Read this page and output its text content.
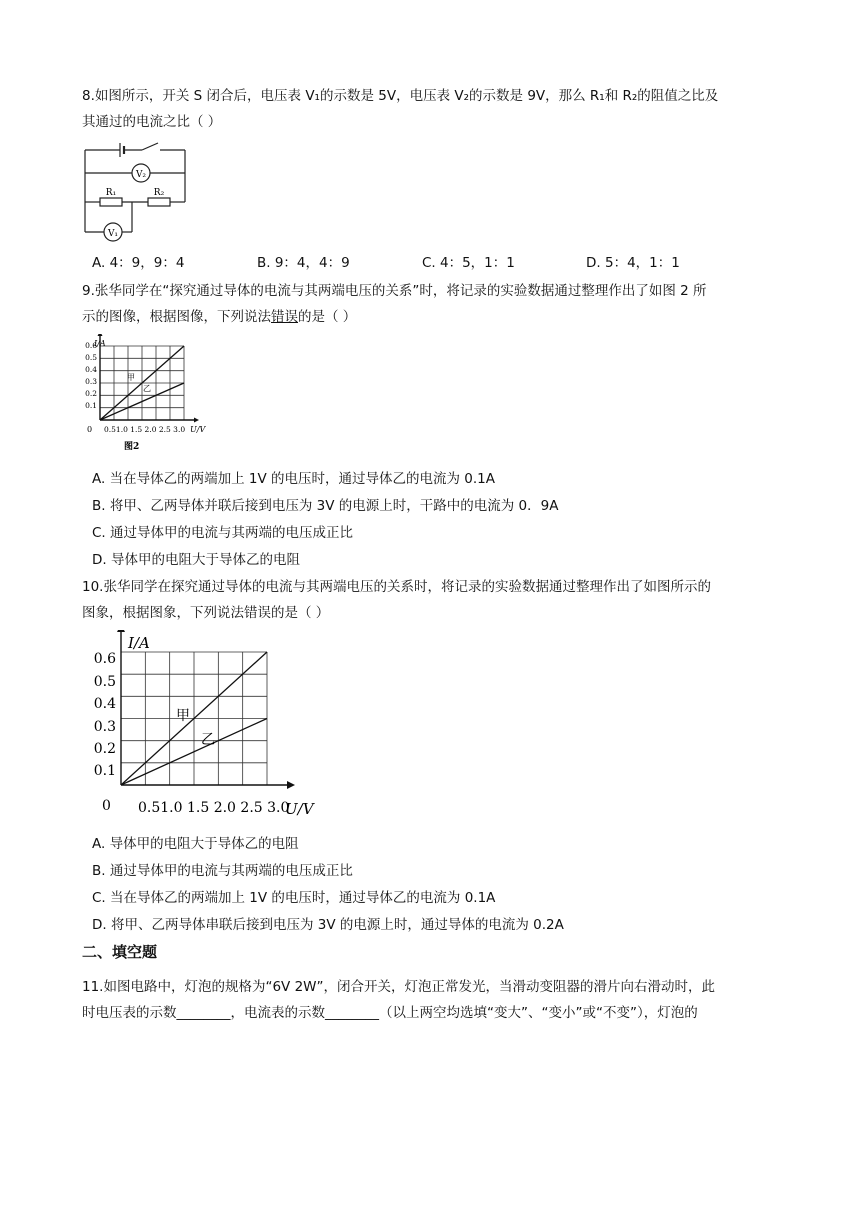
8.如图所示，开关 S 闭合后，电压表 V₁的示数是 5V，电压表 V₂的示数是 9V，那么 R₁和 R₂的阻值之比及
其通过的电流之比（ ）
V₂
R₁	R₂
V₁
A. 4：9，9：4	B. 9：4，4：9	C. 4：5，1：1	D. 5：4，1：1
9.张华同学在“探究通过导体的电流与其两端电压的关系”时，将记录的实验数据通过整理作出了如图 2 所
示的图像，根据图像，下列说法错误的是（ ）
I/A
U/V
0
0.6
0.5
0.4
0.3
0.2
0.1
0.51.0 1.5 2.0 2.5 3.0
甲
乙
图2
A. 当在导体乙的两端加上 1V 的电压时，通过导体乙的电流为 0.1A
B. 将甲、乙两导体并联后接到电压为 3V 的电源上时，干路中的电流为 0．9A
C. 通过导体甲的电流与其两端的电压成正比
D. 导体甲的电阻大于导体乙的电阻
10.张华同学在探究通过导体的电流与其两端电压的关系时，将记录的实验数据通过整理作出了如图所示的
图象，根据图象，下列说法错误的是（ ）
I/A
U/V
0
0.6
0.5
0.4
0.3
0.2
0.1
0.51.0 1.5 2.0 2.5 3.0
甲
乙
A. 导体甲的电阻大于导体乙的电阻
B. 通过导体甲的电流与其两端的电压成正比
C. 当在导体乙的两端加上 1V 的电压时，通过导体乙的电流为 0.1A
D. 将甲、乙两导体串联后接到电压为 3V 的电源上时，通过导体的电流为 0.2A
二、填空题
11.如图电路中，灯泡的规格为“6V 2W”，闭合开关，灯泡正常发光，当滑动变阻器的滑片向右滑动时，此
时电压表的示数________，电流表的示数________（以上两空均选填“变大”、“变小”或“不变”），灯泡的
